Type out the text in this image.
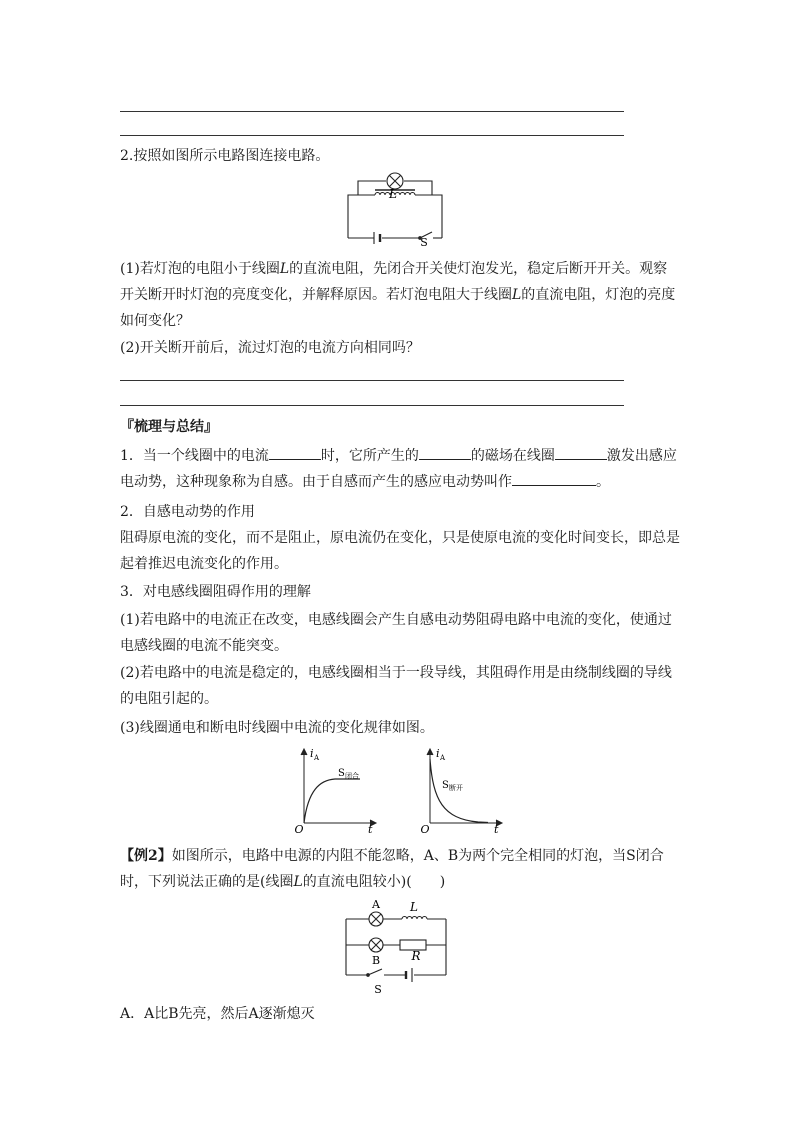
2.按照如图所示电路图连接电路。

L
S

(1)若灯泡的电阻小于线圈L的直流电阻，先闭合开关使灯泡发光，稳定后断开开关。观察开关断开时灯泡的亮度变化，并解释原因。若灯泡电阻大于线圈L的直流电阻，灯泡的亮度如何变化？

(2)开关断开前后，流过灯泡的电流方向相同吗？

『梳理与总结』

1．当一个线圈中的电流	时，它所产生的	的磁场在线圈	激发出感应电动势，这种现象称为自感。由于自感而产生的感应电动势叫作	。

2．自感电动势的作用

阻碍原电流的变化，而不是阻止，原电流仍在变化，只是使原电流的变化时间变长，即总是起着推迟电流变化的作用。

3．对电感线圈阻碍作用的理解

(1)若电路中的电流正在改变，电感线圈会产生自感电动势阻碍电路中电流的变化，使通过电感线圈的电流不能突变。

(2)若电路中的电流是稳定的，电感线圈相当于一段导线，其阻碍作用是由绕制线圈的导线的电阻引起的。

(3)线圈通电和断电时线圈中电流的变化规律如图。

i A
S 闭合
O	t
i A
S 断开
O	t

【例2】如图所示，电路中电源的内阻不能忽略，A、B为两个完全相同的灯泡，当S闭合时，下列说法正确的是(线圈L的直流电阻较小)(　　)

A	L
B	R
S

A．A比B先亮，然后A逐渐熄灭
